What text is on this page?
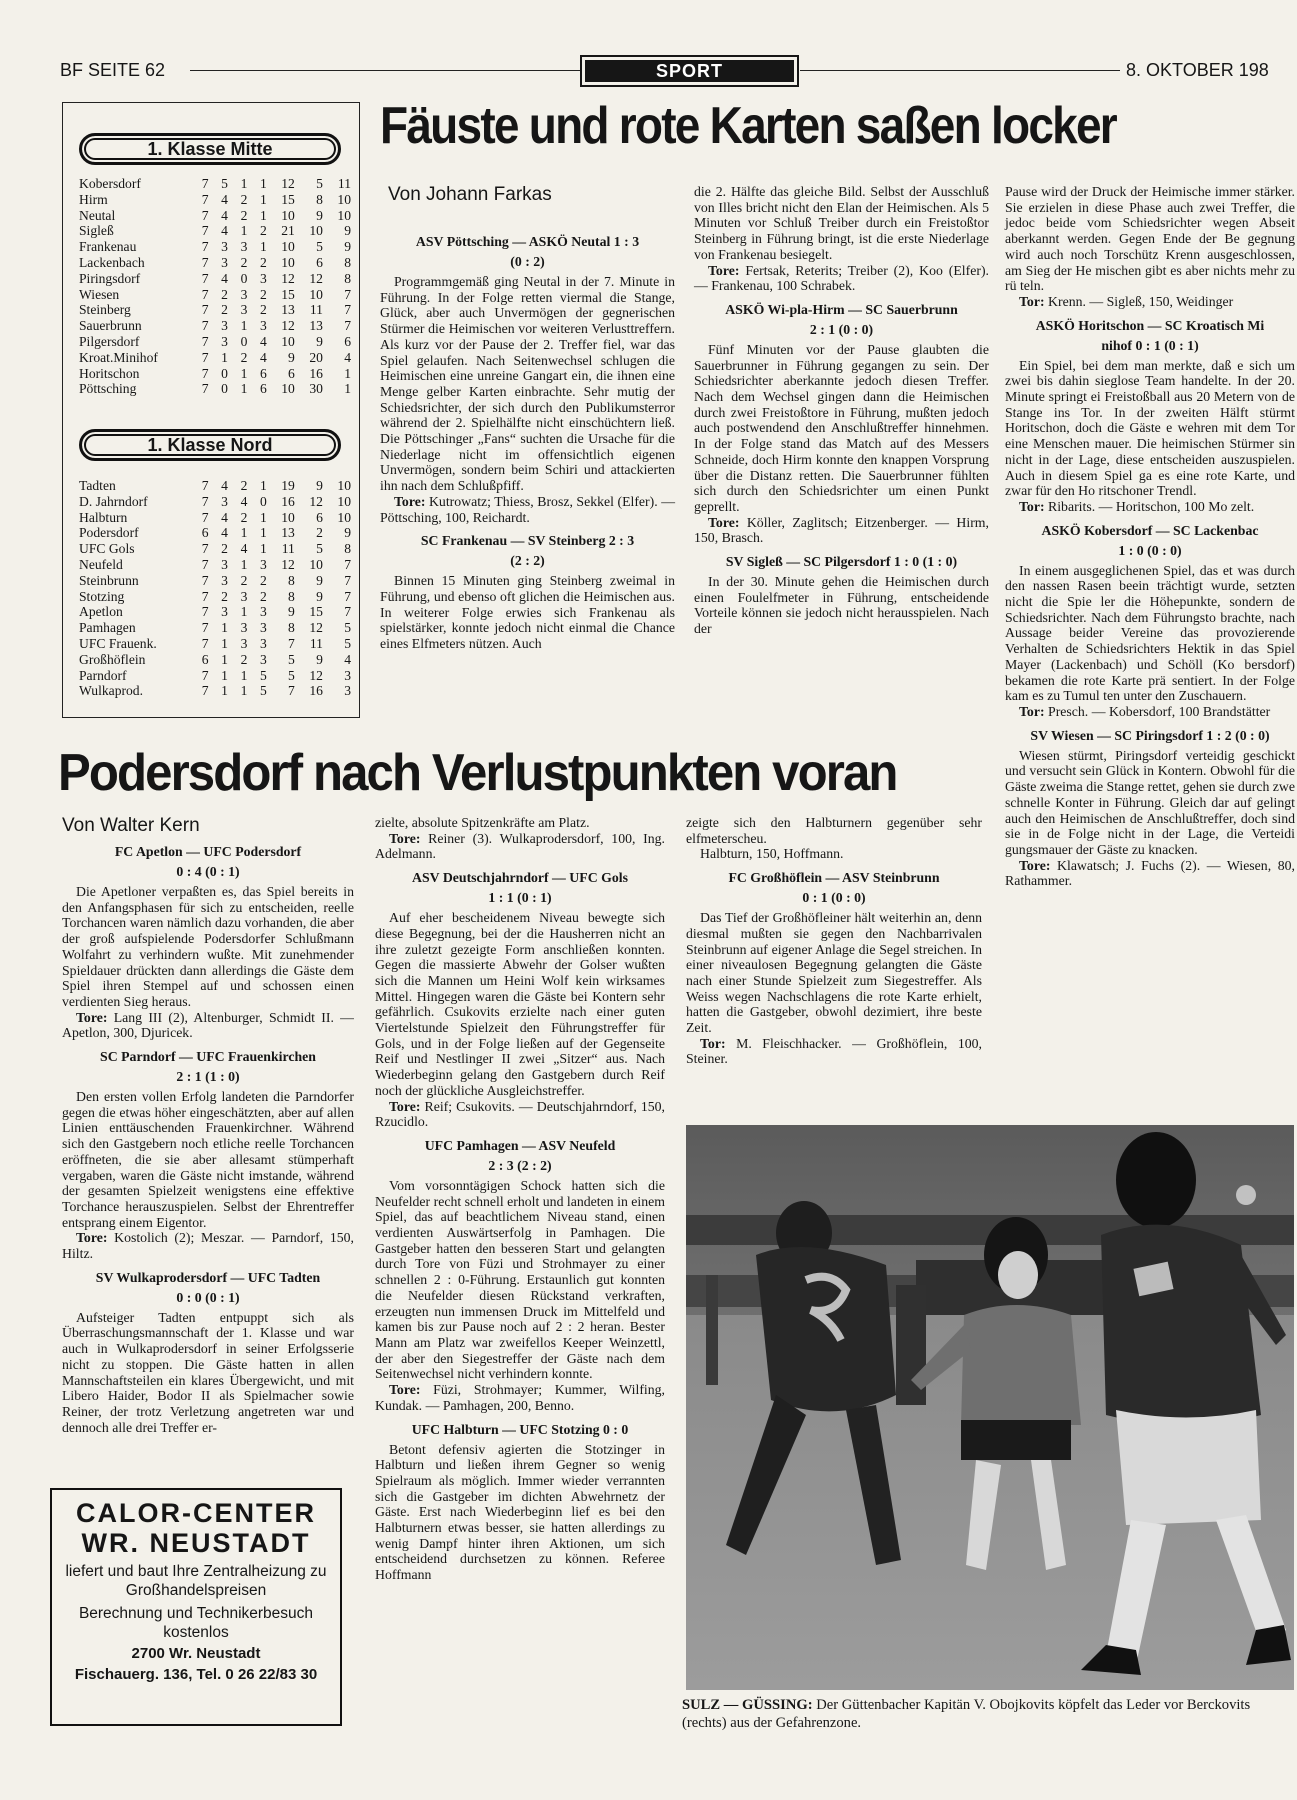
BF SEITE 62	SPORT	8. OKTOBER 198
1. Klasse Mitte
Kobersdorf	7	5	1	1	12	5	11
Hirm	7	4	2	1	15	8	10
Neutal	7	4	2	1	10	9	10
Sigleß	7	4	1	2	21	10	9
Frankenau	7	3	3	1	10	5	9
Lackenbach	7	3	2	2	10	6	8
Piringsdorf	7	4	0	3	12	12	8
Wiesen	7	2	3	2	15	10	7
Steinberg	7	2	3	2	13	11	7
Sauerbrunn	7	3	1	3	12	13	7
Pilgersdorf	7	3	0	4	10	9	6
Kroat.Minihof	7	1	2	4	9	20	4
Horitschon	7	0	1	6	6	16	1
Pöttsching	7	0	1	6	10	30	1
1. Klasse Nord
Tadten	7	4	2	1	19	9	10
D. Jahrndorf	7	3	4	0	16	12	10
Halbturn	7	4	2	1	10	6	10
Podersdorf	6	4	1	1	13	2	9
UFC Gols	7	2	4	1	11	5	8
Neufeld	7	3	1	3	12	10	7
Steinbrunn	7	3	2	2	8	9	7
Stotzing	7	2	3	2	8	9	7
Apetlon	7	3	1	3	9	15	7
Pamhagen	7	1	3	3	8	12	5
UFC Frauenk.	7	1	3	3	7	11	5
Großhöflein	6	1	2	3	5	9	4
Parndorf	7	1	1	5	5	12	3
Wulkaprod.	7	1	1	5	7	16	3
Fäuste und rote Karten saßen locker
Von Johann Farkas

ASV Pöttsching — ASKÖ Neutal 1 : 3

(0 : 2)

Programmgemäß ging Neutal in der 7. Minute in Führung. In der Folge retten viermal die Stange, Glück, aber auch Unvermögen der gegnerischen Stürmer die Heimischen vor weiteren Verlusttreffern. Als kurz vor der Pause der 2. Treffer fiel, war das Spiel gelaufen. Nach Seitenwechsel schlugen die Heimischen eine unreine Gangart ein, die ihnen eine Menge gelber Karten einbrachte. Sehr mutig der Schiedsrichter, der sich durch den Publikumsterror während der 2. Spielhälfte nicht einschüchtern ließ. Die Pöttschinger „Fans“ suchten die Ursache für die Niederlage nicht im offensichtlich eigenen Unvermögen, sondern beim Schiri und attackierten ihn nach dem Schlußpfiff.

Tore: Kutrowatz; Thiess, Brosz, Sekkel (Elfer). — Pöttsching, 100, Reichardt.

SC Frankenau — SV Steinberg 2 : 3

(2 : 2)

Binnen 15 Minuten ging Steinberg zweimal in Führung, und ebenso oft glichen die Heimischen aus. In weiterer Folge erwies sich Frankenau als spielstärker, konnte jedoch nicht einmal die Chance eines Elfmeters nützen. Auch

die 2. Hälfte das gleiche Bild. Selbst der Ausschluß von Illes bricht nicht den Elan der Heimischen. Als 5 Minuten vor Schluß Treiber durch ein Freistoßtor Steinberg in Führung bringt, ist die erste Niederlage von Frankenau besiegelt.

Tore: Fertsak, Reterits; Treiber (2), Koo (Elfer). — Frankenau, 100 Schrabek.

ASKÖ Wi-pla-Hirm — SC Sauerbrunn

2 : 1 (0 : 0)

Fünf Minuten vor der Pause glaubten die Sauerbrunner in Führung gegangen zu sein. Der Schiedsrichter aberkannte jedoch diesen Treffer. Nach dem Wechsel gingen dann die Heimischen durch zwei Freistoßtore in Führung, mußten jedoch auch postwendend den Anschlußtreffer hinnehmen. In der Folge stand das Match auf des Messers Schneide, doch Hirm konnte den knappen Vorsprung über die Distanz retten. Die Sauerbrunner fühlten sich durch den Schiedsrichter um einen Punkt geprellt.

Tore: Köller, Zaglitsch; Eitzenberger. — Hirm, 150, Brasch.

SV Sigleß — SC Pilgersdorf 1 : 0 (1 : 0)

In der 30. Minute gehen die Heimischen durch einen Foulelfmeter in Führung, entscheidende Vorteile können sie jedoch nicht herausspielen. Nach der

Pause wird der Druck der Heimische immer stärker. Sie erzielen in diese Phase auch zwei Treffer, die jedoc beide vom Schiedsrichter wegen Abseit aberkannt werden. Gegen Ende der Be gegnung wird auch noch Torschütz Krenn ausgeschlossen, am Sieg der He mischen gibt es aber nichts mehr zu rü teln.

Tor: Krenn. — Sigleß, 150, Weidinger

ASKÖ Horitschon — SC Kroatisch Mi

nihof 0 : 1 (0 : 1)

Ein Spiel, bei dem man merkte, daß e sich um zwei bis dahin sieglose Team handelte. In der 20. Minute springt ei Freistoßball aus 20 Metern von de Stange ins Tor. In der zweiten Hälft stürmt Horitschon, doch die Gäste e wehren mit dem Tor eine Menschen mauer. Die heimischen Stürmer sin nicht in der Lage, diese entscheiden auszuspielen. Auch in diesem Spiel ga es eine rote Karte, und zwar für den Ho ritschoner Trendl.

Tor: Ribarits. — Horitschon, 100 Mo zelt.

ASKÖ Kobersdorf — SC Lackenbac

1 : 0 (0 : 0)

In einem ausgeglichenen Spiel, das et was durch den nassen Rasen beein trächtigt wurde, setzten nicht die Spie ler die Höhepunkte, sondern de Schiedsrichter. Nach dem Führungsto brachte, nach Aussage beider Vereine das provozierende Verhalten de Schiedsrichters Hektik in das Spiel Mayer (Lackenbach) und Schöll (Ko bersdorf) bekamen die rote Karte prä sentiert. In der Folge kam es zu Tumul ten unter den Zuschauern.

Tor: Presch. — Kobersdorf, 100 Brandstätter

SV Wiesen — SC Piringsdorf 1 : 2 (0 : 0)

Wiesen stürmt, Piringsdorf verteidig geschickt und versucht sein Glück in Kontern. Obwohl für die Gäste zweima die Stange rettet, gehen sie durch zwe schnelle Konter in Führung. Gleich dar auf gelingt auch den Heimischen de Anschlußtreffer, doch sind sie in de Folge nicht in der Lage, die Verteidi gungsmauer der Gäste zu knacken.

Tore: Klawatsch; J. Fuchs (2). — Wiesen, 80, Rathammer.

Podersdorf nach Verlustpunkten voran
Von Walter Kern

FC Apetlon — UFC Podersdorf

0 : 4 (0 : 1)

Die Apetloner verpaßten es, das Spiel bereits in den Anfangsphasen für sich zu entscheiden, reelle Torchancen waren nämlich dazu vorhanden, die aber der groß aufspielende Podersdorfer Schlußmann Wolfahrt zu verhindern wußte. Mit zunehmender Spieldauer drückten dann allerdings die Gäste dem Spiel ihren Stempel auf und schossen einen verdienten Sieg heraus.

Tore: Lang III (2), Altenburger, Schmidt II. — Apetlon, 300, Djuricek.

SC Parndorf — UFC Frauenkirchen

2 : 1 (1 : 0)

Den ersten vollen Erfolg landeten die Parndorfer gegen die etwas höher eingeschätzten, aber auf allen Linien enttäuschenden Frauenkirchner. Während sich den Gastgebern noch etliche reelle Torchancen eröffneten, die sie aber allesamt stümperhaft vergaben, waren die Gäste nicht imstande, während der gesamten Spielzeit wenigstens eine effektive Torchance herauszuspielen. Selbst der Ehrentreffer entsprang einem Eigentor.

Tore: Kostolich (2); Meszar. — Parndorf, 150, Hiltz.

SV Wulkaprodersdorf — UFC Tadten

0 : 0 (0 : 1)

Aufsteiger Tadten entpuppt sich als Überraschungsmannschaft der 1. Klasse und war auch in Wulkaprodersdorf in seiner Erfolgsserie nicht zu stoppen. Die Gäste hatten in allen Mannschaftsteilen ein klares Übergewicht, und mit Libero Haider, Bodor II als Spielmacher sowie Reiner, der trotz Verletzung angetreten war und dennoch alle drei Treffer er-

zielte, absolute Spitzenkräfte am Platz.

Tore: Reiner (3). Wulkaprodersdorf, 100, Ing. Adelmann.

ASV Deutschjahrndorf — UFC Gols

1 : 1 (0 : 1)

Auf eher bescheidenem Niveau bewegte sich diese Begegnung, bei der die Hausherren nicht an ihre zuletzt gezeigte Form anschließen konnten. Gegen die massierte Abwehr der Golser wußten sich die Mannen um Heini Wolf kein wirksames Mittel. Hingegen waren die Gäste bei Kontern sehr gefährlich. Csukovits erzielte nach einer guten Viertelstunde Spielzeit den Führungstreffer für Gols, und in der Folge ließen auf der Gegenseite Reif und Nestlinger II zwei „Sitzer“ aus. Nach Wiederbeginn gelang den Gastgebern durch Reif noch der glückliche Ausgleichstreffer.

Tore: Reif; Csukovits. — Deutschjahrndorf, 150, Rzucidlo.

UFC Pamhagen — ASV Neufeld

2 : 3 (2 : 2)

Vom vorsonntägigen Schock hatten sich die Neufelder recht schnell erholt und landeten in einem Spiel, das auf beachtlichem Niveau stand, einen verdienten Auswärtserfolg in Pamhagen. Die Gastgeber hatten den besseren Start und gelangten durch Tore von Füzi und Strohmayer zu einer schnellen 2 : 0-Führung. Erstaunlich gut konnten die Neufelder diesen Rückstand verkraften, erzeugten nun immensen Druck im Mittelfeld und kamen bis zur Pause noch auf 2 : 2 heran. Bester Mann am Platz war zweifellos Keeper Weinzettl, der aber den Siegestreffer der Gäste nach dem Seitenwechsel nicht verhindern konnte.

Tore: Füzi, Strohmayer; Kummer, Wilfing, Kundak. — Pamhagen, 200, Benno.

UFC Halbturn — UFC Stotzing 0 : 0

Betont defensiv agierten die Stotzinger in Halbturn und ließen ihrem Gegner so wenig Spielraum als möglich. Immer wieder verrannten sich die Gastgeber im dichten Abwehrnetz der Gäste. Erst nach Wiederbeginn lief es bei den Halbturnern etwas besser, sie hatten allerdings zu wenig Dampf hinter ihren Aktionen, um sich entscheidend durchsetzen zu können. Referee Hoffmann

zeigte sich den Halbturnern gegenüber sehr elfmeterscheu.

Halbturn, 150, Hoffmann.

FC Großhöflein — ASV Steinbrunn

0 : 1 (0 : 0)

Das Tief der Großhöfleiner hält weiterhin an, denn diesmal mußten sie gegen den Nachbarrivalen Steinbrunn auf eigener Anlage die Segel streichen. In einer niveaulosen Begegnung gelangten die Gäste nach einer Stunde Spielzeit zum Siegestreffer. Als Weiss wegen Nachschlagens die rote Karte erhielt, hatten die Gastgeber, obwohl dezimiert, ihre beste Zeit.

Tor: M. Fleischhacker. — Großhöflein, 100, Steiner.

CALOR-CENTER
WR. NEUSTADT
liefert und baut Ihre Zentralheizung zu Großhandelspreisen
Berechnung und Technikerbesuch kostenlos
2700 Wr. Neustadt
Fischauerg. 136, Tel. 0 26 22/83 30
SULZ — GÜSSING: Der Güttenbacher Kapitän V. Obojkovits köpfelt das Leder vor Berckovits (rechts) aus der Gefahrenzone.
